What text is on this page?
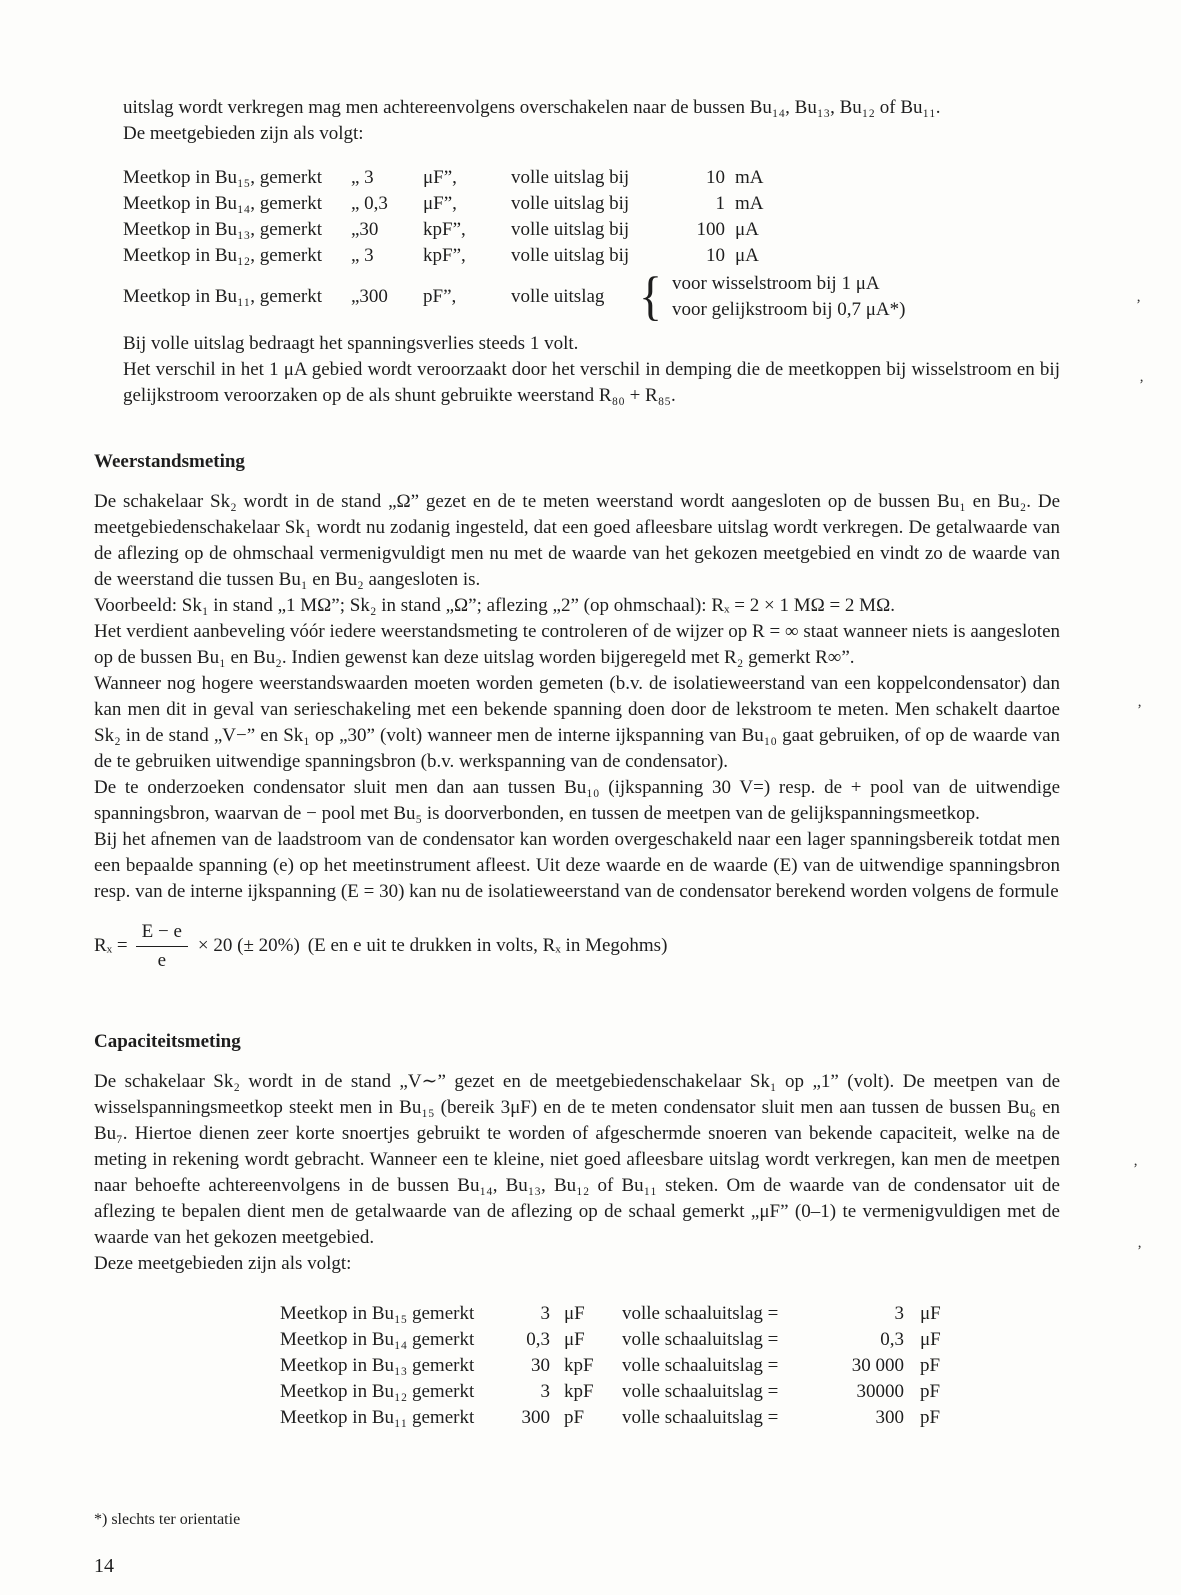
uitslag wordt verkregen mag men achtereenvolgens overschakelen naar de bussen Bu₁₄, Bu₁₃, Bu₁₂ of Bu₁₁.

De meetgebieden zijn als volgt:

Meetkop in Bu₁₅, gemerkt	„ 3	μF”,	volle uitslag bij	10 mA
Meetkop in Bu₁₄, gemerkt	„ 0,3	μF”,	volle uitslag bij	1 mA
Meetkop in Bu₁₃, gemerkt	„30	kpF”,	volle uitslag bij	100 μA
Meetkop in Bu₁₂, gemerkt	„ 3	kpF”,	volle uitslag bij	10 μA
Meetkop in Bu₁₁, gemerkt	„300	pF”,	volle uitslag { voor wisselstroom bij 1 μA
voor gelijkstroom bij 0,7 μA*)

Bij volle uitslag bedraagt het spanningsverlies steeds 1 volt.

Het verschil in het 1 μA gebied wordt veroorzaakt door het verschil in demping die de meetkoppen bij wisselstroom en bij gelijkstroom veroorzaken op de als shunt gebruikte weerstand R₈₀ + R₈₅.

Weerstandsmeting

De schakelaar Sk₂ wordt in de stand „Ω” gezet en de te meten weerstand wordt aangesloten op de bussen Bu₁ en Bu₂. De meetgebiedenschakelaar Sk₁ wordt nu zodanig ingesteld, dat een goed afleesbare uitslag wordt verkregen. De getalwaarde van de aflezing op de ohmschaal vermenigvuldigt men nu met de waarde van het gekozen meetgebied en vindt zo de waarde van de weerstand die tussen Bu₁ en Bu₂ aangesloten is.

Voorbeeld: Sk₁ in stand „1 MΩ”; Sk₂ in stand „Ω”; aflezing „2” (op ohmschaal): Rₓ = 2 × 1 MΩ = 2 MΩ.

Het verdient aanbeveling vóór iedere weerstandsmeting te controleren of de wijzer op R = ∞ staat wanneer niets is aangesloten op de bussen Bu₁ en Bu₂. Indien gewenst kan deze uitslag worden bijgeregeld met R₂ gemerkt R∞”.

Wanneer nog hogere weerstandswaarden moeten worden gemeten (b.v. de isolatieweerstand van een koppelcondensator) dan kan men dit in geval van serieschakeling met een bekende spanning doen door de lekstroom te meten. Men schakelt daartoe Sk₂ in de stand „V−” en Sk₁ op „30” (volt) wanneer men de interne ijkspanning van Bu₁₀ gaat gebruiken, of op de waarde van de te gebruiken uitwendige spanningsbron (b.v. werkspanning van de condensator).

De te onderzoeken condensator sluit men dan aan tussen Bu₁₀ (ijkspanning 30 V=) resp. de + pool van de uitwendige spanningsbron, waarvan de − pool met Bu₅ is doorverbonden, en tussen de meetpen van de gelijkspanningsmeetkop.

Bij het afnemen van de laadstroom van de condensator kan worden overgeschakeld naar een lager spanningsbereik totdat men een bepaalde spanning (e) op het meetinstrument afleest. Uit deze waarde en de waarde (E) van de uitwendige spanningsbron resp. van de interne ijkspanning (E = 30) kan nu de isolatieweerstand van de condensator berekend worden volgens de formule

$R_x = \frac{E - e}{e} \times 20$ (± 20%) (E en e uit te drukken in volts, Rₓ in Megohms)
Capaciteitsmeting

De schakelaar Sk₂ wordt in de stand „V∼” gezet en de meetgebiedenschakelaar Sk₁ op „1” (volt). De meetpen van de wisselspanningsmeetkop steekt men in Bu₁₅ (bereik 3μF) en de te meten condensator sluit men aan tussen de bussen Bu₆ en Bu₇. Hiertoe dienen zeer korte snoertjes gebruikt te worden of afgeschermde snoeren van bekende capaciteit, welke na de meting in rekening wordt gebracht. Wanneer een te kleine, niet goed afleesbare uitslag wordt verkregen, kan men de meetpen naar behoefte achtereenvolgens in de bussen Bu₁₄, Bu₁₃, Bu₁₂ of Bu₁₁ steken. Om de waarde van de condensator uit de aflezing te bepalen dient men de getalwaarde van de aflezing op de schaal gemerkt „μF” (0–1) te vermenigvuldigen met de waarde van het gekozen meetgebied.

Deze meetgebieden zijn als volgt:

Meetkop in Bu₁₅ gemerkt	3 μF	volle schaaluitslag =	3 μF
Meetkop in Bu₁₄ gemerkt	0,3 μF	volle schaaluitslag =	0,3 μF
Meetkop in Bu₁₃ gemerkt	30 kpF	volle schaaluitslag =	30 000 pF
Meetkop in Bu₁₂ gemerkt	3 kpF	volle schaaluitslag =	30000 pF
Meetkop in Bu₁₁ gemerkt	300 pF	volle schaaluitslag =	300 pF

*) slechts ter orientatie

14

’
’
’
’
’
